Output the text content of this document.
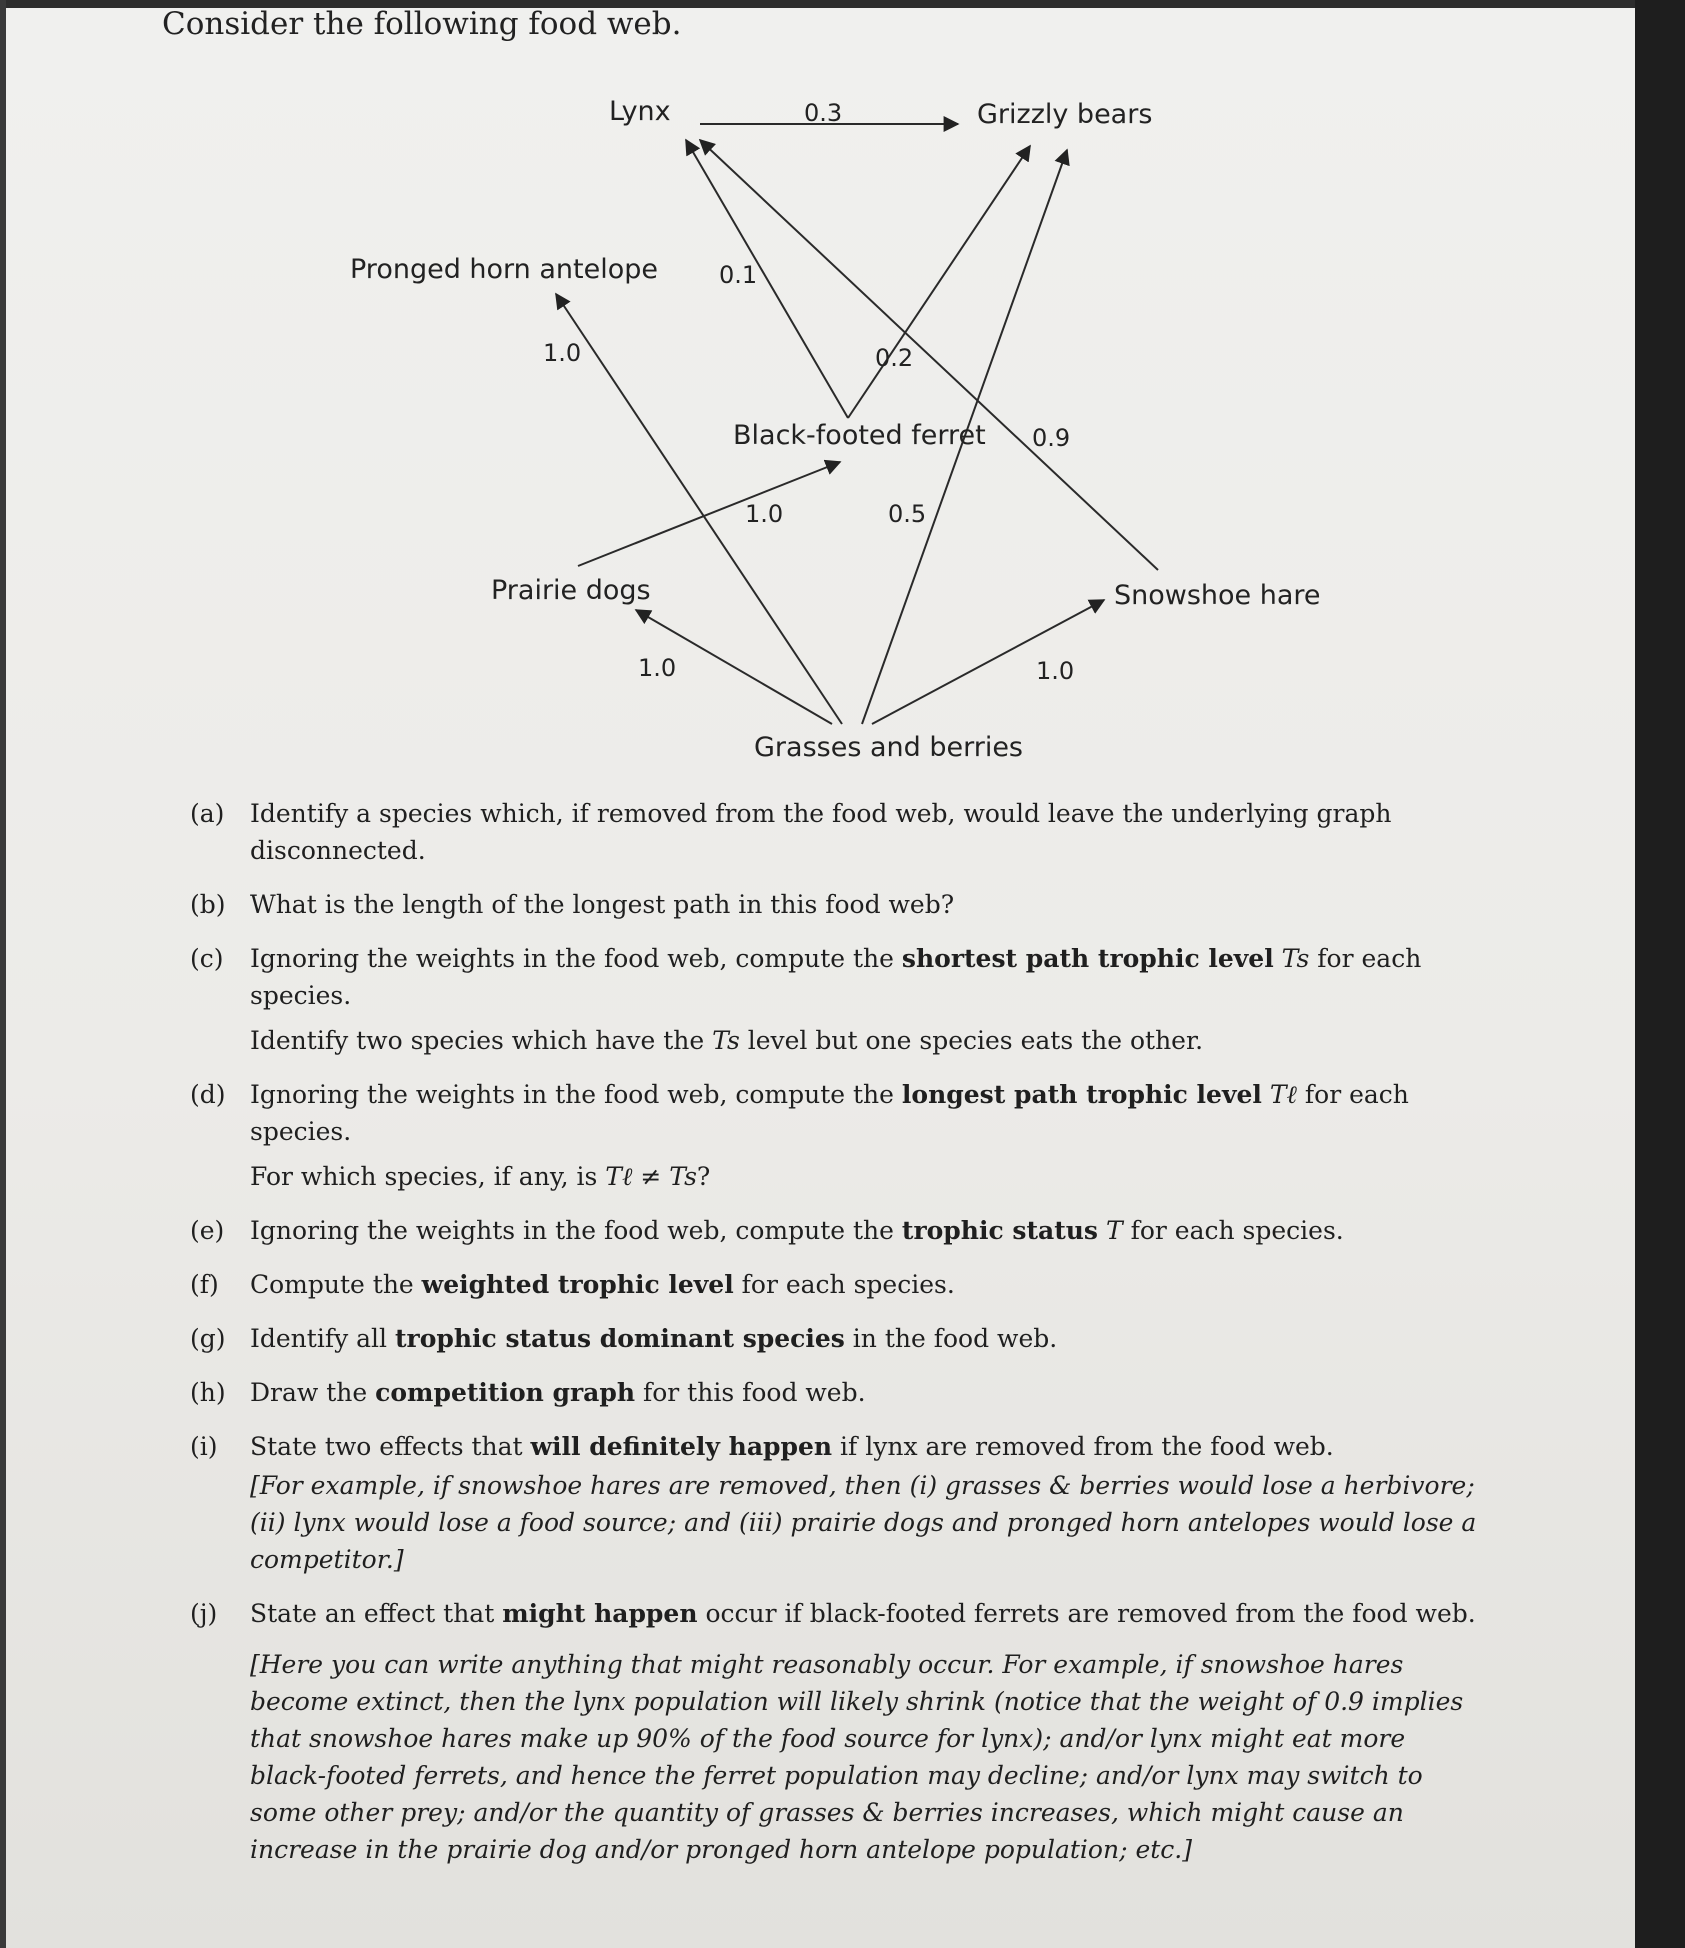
Consider the following food web.

Lynx	Grizzly bears
Pronged horn antelope
Black-footed ferret
Prairie dogs	Snowshoe hare
Grasses and berries
0.3
0.1
0.2
0.9
1.0
1.0	0.5
1.0	1.0
(a) Identify a species which, if removed from the food web, would leave the underlying graph disconnected.
(b) What is the length of the longest path in this food web?
(c) Ignoring the weights in the food web, compute the shortest path trophic level Ts for each species.
Identify two species which have the Ts level but one species eats the other.
(d) Ignoring the weights in the food web, compute the longest path trophic level Tℓ for each species.
For which species, if any, is Tℓ ≠ Ts?
(e) Ignoring the weights in the food web, compute the trophic status T for each species.
(f) Compute the weighted trophic level for each species.
(g) Identify all trophic status dominant species in the food web.
(h) Draw the competition graph for this food web.
(i) State two effects that will definitely happen if lynx are removed from the food web.
[For example, if snowshoe hares are removed, then (i) grasses & berries would lose a herbivore; (ii) lynx would lose a food source; and (iii) prairie dogs and pronged horn antelopes would lose a competitor.]
(j) State an effect that might happen occur if black-footed ferrets are removed from the food web.
[Here you can write anything that might reasonably occur. For example, if snowshoe hares become extinct, then the lynx population will likely shrink (notice that the weight of 0.9 implies that snowshoe hares make up 90% of the food source for lynx); and/or lynx might eat more black-footed ferrets, and hence the ferret population may decline; and/or lynx may switch to some other prey; and/or the quantity of grasses & berries increases, which might cause an increase in the prairie dog and/or pronged horn antelope population; etc.]
